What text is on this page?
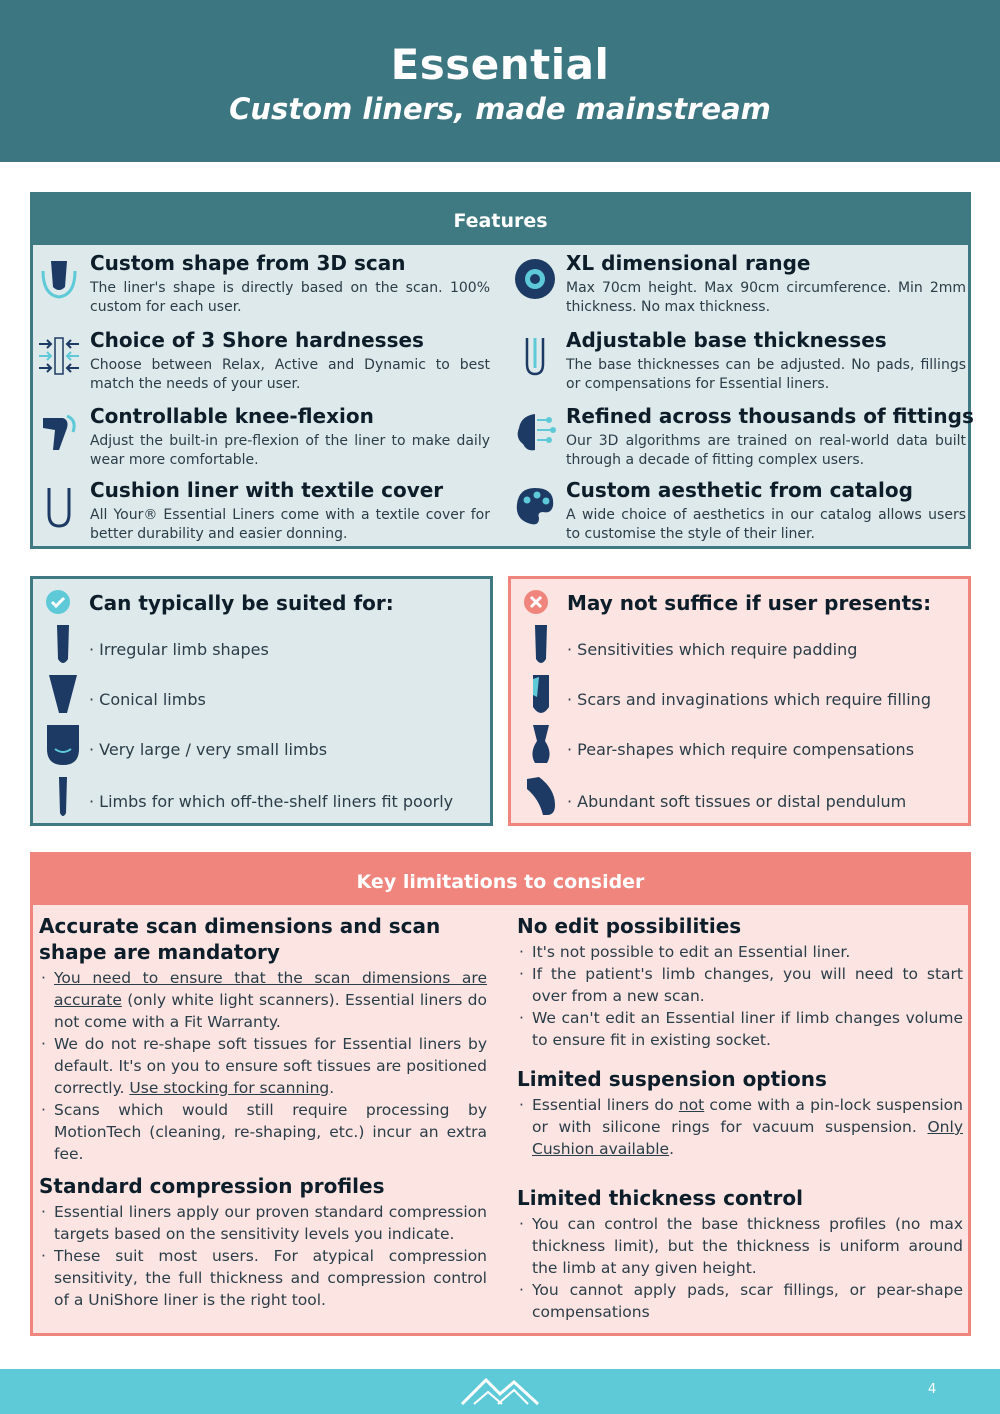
Essential
Custom liners, made mainstream
Features
Custom shape from 3D scan
The liner's shape is directly based on the scan. 100% custom for each user.
Choice of 3 Shore hardnesses
Choose between Relax, Active and Dynamic to best match the needs of your user.
Controllable knee-flexion
Adjust the built-in pre-flexion of the liner to make daily wear more comfortable.
Cushion liner with textile cover
All Your® Essential Liners come with a textile cover for better durability and easier donning.
XL dimensional range
Max 70cm height. Max 90cm circumference. Min 2mm thickness. No max thickness.
Adjustable base thicknesses
The base thicknesses can be adjusted. No pads, fillings or compensations for Essential liners.
Refined across thousands of fittings
Our 3D algorithms are trained on real-world data built through a decade of fitting complex users.
Custom aesthetic from catalog
A wide choice of aesthetics in our catalog allows users to customise the style of their liner.
Can typically be suited for:
· Irregular limb shapes
· Conical limbs
· Very large / very small limbs
· Limbs for which off-the-shelf liners fit poorly
May not suffice if user presents:
· Sensitivities which require padding
· Scars and invaginations which require filling
· Pear-shapes which require compensations
· Abundant soft tissues or distal pendulum
Key limitations to consider
Accurate scan dimensions and scan shape are mandatory
· You need to ensure that the scan dimensions are accurate (only white light scanners). Essential liners do not come with a Fit Warranty.
· We do not re-shape soft tissues for Essential liners by default. It's on you to ensure soft tissues are positioned correctly. Use stocking for scanning.
· Scans which would still require processing by MotionTech (cleaning, re-shaping, etc.) incur an extra fee.
Standard compression profiles
· Essential liners apply our proven standard compression targets based on the sensitivity levels you indicate.
· These suit most users. For atypical compression sensitivity, the full thickness and compression control of a UniShore liner is the right tool.
No edit possibilities
· It's not possible to edit an Essential liner.
· If the patient's limb changes, you will need to start over from a new scan.
· We can't edit an Essential liner if limb changes volume to ensure fit in existing socket.
Limited suspension options
· Essential liners do not come with a pin-lock suspension or with silicone rings for vacuum suspension. Only Cushion available.
Limited thickness control
· You can control the base thickness profiles (no max thickness limit), but the thickness is uniform around the limb at any given height.
· You cannot apply pads, scar fillings, or pear-shape compensations
4
